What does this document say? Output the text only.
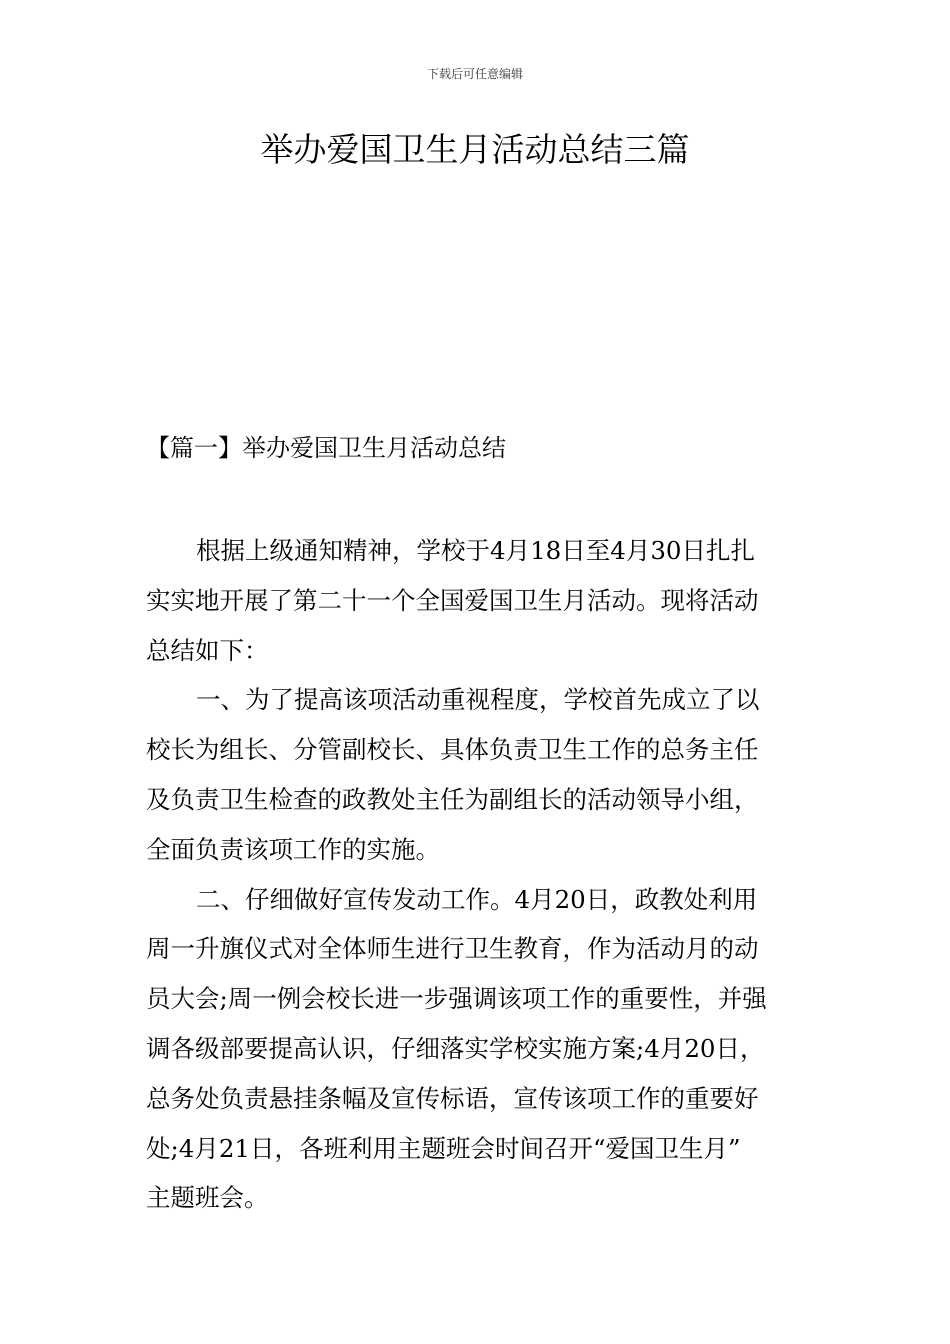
下载后可任意编辑
举办爱国卫生月活动总结三篇
【篇一】举办爱国卫生月活动总结

根据上级通知精神，学校于4月18日至4月30日扎扎
实实地开展了第二十一个全国爱国卫生月活动。现将活动
总结如下：

一、为了提高该项活动重视程度，学校首先成立了以
校长为组长、分管副校长、具体负责卫生工作的总务主任
及负责卫生检查的政教处主任为副组长的活动领导小组，
全面负责该项工作的实施。

二、仔细做好宣传发动工作。4月20日，政教处利用
周一升旗仪式对全体师生进行卫生教育，作为活动月的动
员大会;周一例会校长进一步强调该项工作的重要性，并强
调各级部要提高认识，仔细落实学校实施方案;4月20日，
总务处负责悬挂条幅及宣传标语，宣传该项工作的重要好
处;4月21日，各班利用主题班会时间召开“爱国卫生月”
主题班会。
